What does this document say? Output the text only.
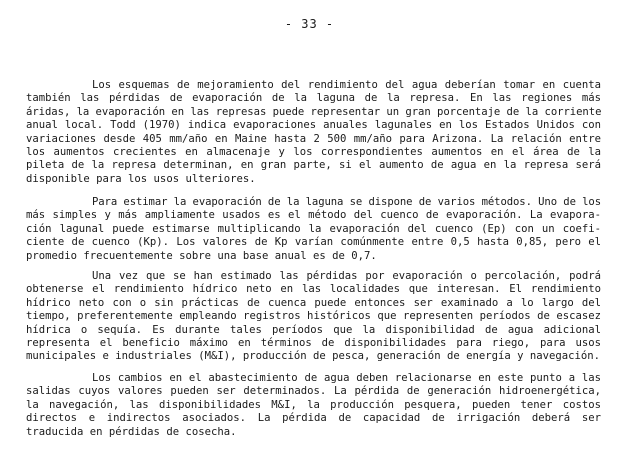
- 33 -
Los esquemas de mejoramiento del rendimiento del agua deberían tomar en cuenta
también las pérdidas de evaporación de la laguna de la represa. En las regiones más
áridas, la evaporación en las represas puede representar un gran porcentaje de la corriente
anual local. Todd (1970) indica evaporaciones anuales lagunales en los Estados Unidos con
variaciones desde 405 mm/año en Maine hasta 2 500 mm/año para Arizona. La relación entre
los aumentos crecientes en almacenaje y los correspondientes aumentos en el área de la
pileta de la represa determinan, en gran parte, si el aumento de agua en la represa será
disponible para los usos ulteriores.
Para estimar la evaporación de la laguna se dispone de varios métodos. Uno de los
más simples y más ampliamente usados es el método del cuenco de evaporación. La evapora-
ción lagunal puede estimarse multiplicando la evaporación del cuenco (Ep) con un coefi-
ciente de cuenco (Kp). Los valores de Kp varían comúnmente entre 0,5 hasta 0,85, pero el
promedio frecuentemente sobre una base anual es de 0,7.
Una vez que se han estimado las pérdidas por evaporación o percolación, podrá
obtenerse el rendimiento hídrico neto en las localidades que interesan. El rendimiento
hídrico neto con o sin prácticas de cuenca puede entonces ser examinado a lo largo del
tiempo, preferentemente empleando registros históricos que representen períodos de escasez
hídrica o sequía. Es durante tales períodos que la disponibilidad de agua adicional
representa el beneficio máximo en términos de disponibilidades para riego, para usos
municipales e industriales (M&I), producción de pesca, generación de energía y navegación.
Los cambios en el abastecimiento de agua deben relacionarse en este punto a las
salidas cuyos valores pueden ser determinados. La pérdida de generación hidroenergética,
la navegación, las disponibilidades M&I, la producción pesquera, pueden tener costos
directos e indirectos asociados. La pérdida de capacidad de irrigación deberá ser
traducida en pérdidas de cosecha.
